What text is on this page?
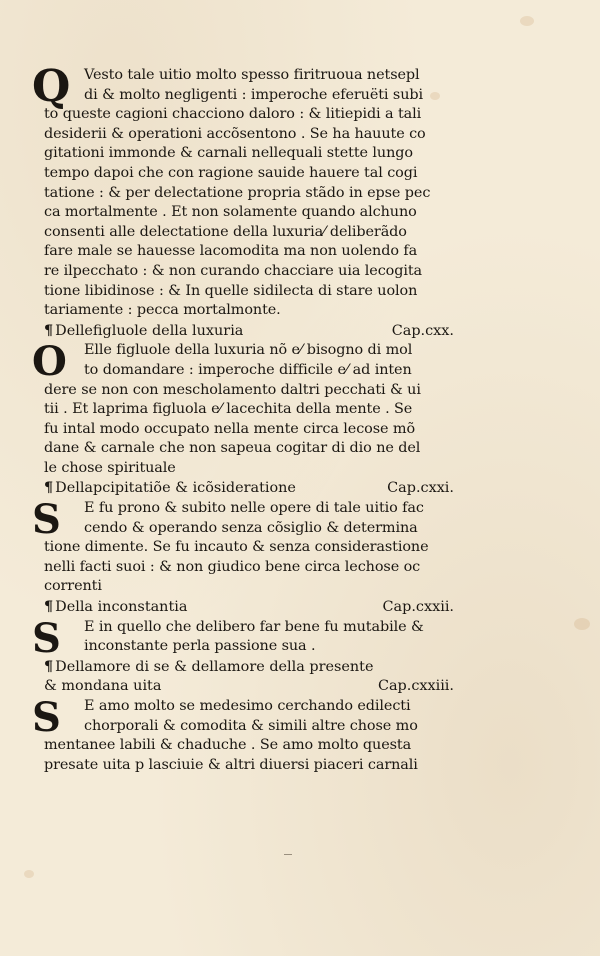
Q Vesto tale uitio molto spesso firitruoua netsepl
di & molto negligenti : imperoche eferuëti subi
to queste cagioni chacciono daloro : & litiepidi a tali
desiderii & operationi accõsentono . Se ha hauute co
gitationi immonde & carnali nellequali stette lungo
tempo dapoi che con ragione sauide hauere tal cogi
tatione : & per delectatione propria stãdo in epse pec
ca mortalmente . Et non solamente quando alchuno
consenti alle delectatione della luxuria⁄ deliberãdo
fare male se hauesse lacomodita ma non uolendo fa
re ilpecchato : & non curando chacciare uia lecogita
tione libidinose : & In quelle sidilecta di stare uolon
tariamente : pecca mortalmonte.
¶ Dellefigluole della luxuria	Cap.cxx.
O	Elle figluole della luxuria nõ e⁄ bisogno di mol
to domandare : imperoche difficile e⁄ ad inten
dere se non con mescholamento daltri pecchati & ui
tii . Et laprima figluola e⁄ lacechita della mente . Se
fu intal modo occupato nella mente circa lecose mõ
dane & carnale che non sapeua cogitar di dio ne del
le chose spirituale
¶ Dellapcipitatiõe & icõsideratione	Cap.cxxi.
S	E fu prono & subito nelle opere di tale uitio fac
cendo & operando senza cõsiglio & determina
tione dimente. Se fu incauto & senza considerastione
nelli facti suoi : & non giudico bene circa lechose oc
correnti
¶ Della inconstantia	Cap.cxxii.
S	E in quello che delibero far bene fu mutabile &
inconstante perla passione sua .
¶ Dellamore di se & dellamore della presente
& mondana uita	Cap.cxxiii.
S	E amo molto se medesimo cerchando edilecti
chorporali & comodita & simili altre chose mo
mentanee labili & chaduche . Se amo molto questa
presate uita p lasciuie & altri diuersi piaceri carnali
